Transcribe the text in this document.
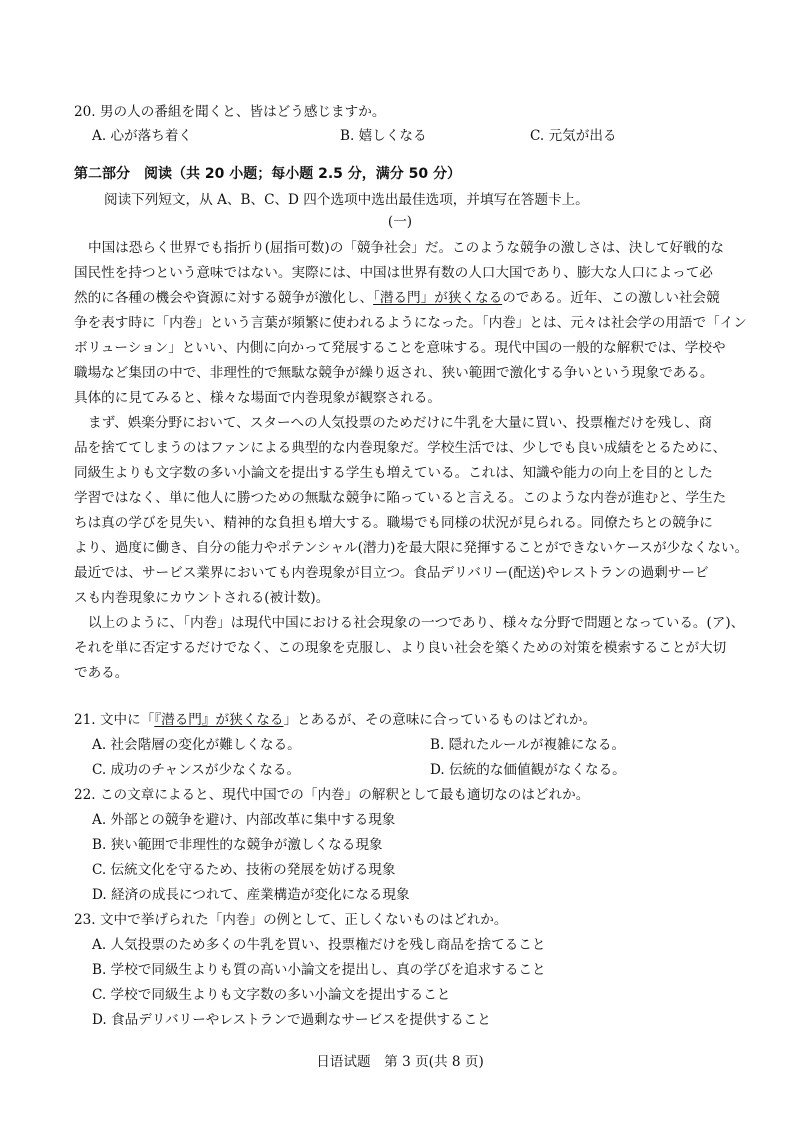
20. 男の人の番組を聞くと、皆はどう感じますか。
A. 心が落ち着く	B. 嬉しくなる	C. 元気が出る
第二部分　阅读（共 20 小题；每小题 2.5 分，满分 50 分）
阅读下列短文，从 A、B、C、D 四个选项中选出最佳选项，并填写在答题卡上。
(一)
中国は恐らく世界でも指折り(屈指可数)の「競争社会」だ。このような競争の激しさは、決して好戦的な
国民性を持つという意味ではない。実際には、中国は世界有数の人口大国であり、膨大な人口によって必
然的に各種の機会や資源に対する競争が激化し、「潜る門」が狭くなるのである。近年、この激しい社会競
争を表す時に「内巻」という言葉が頻繁に使われるようになった。「内巻」とは、元々は社会学の用語で「イン
ボリューション」といい、内側に向かって発展することを意味する。現代中国の一般的な解釈では、学校や
職場など集団の中で、非理性的で無駄な競争が繰り返され、狭い範囲で激化する争いという現象である。
具体的に見てみると、様々な場面で内巻現象が観察される。
まず、娯楽分野において、スターへの人気投票のためだけに牛乳を大量に買い、投票権だけを残し、商
品を捨ててしまうのはファンによる典型的な内巻現象だ。学校生活では、少しでも良い成績をとるために、
同級生よりも文字数の多い小論文を提出する学生も増えている。これは、知識や能力の向上を目的とした
学習ではなく、単に他人に勝つための無駄な競争に陥っていると言える。このような内巻が進むと、学生た
ちは真の学びを見失い、精神的な負担も増大する。職場でも同様の状況が見られる。同僚たちとの競争に
より、過度に働き、自分の能力やポテンシャル(潜力)を最大限に発揮することができないケースが少なくない。
最近では、サービス業界においても内巻現象が目立つ。食品デリバリー(配送)やレストランの過剰サービ
スも内巻現象にカウントされる(被计数)。
以上のように、「内巻」は現代中国における社会現象の一つであり、様々な分野で問題となっている。(ア)、
それを単に否定するだけでなく、この現象を克服し、より良い社会を築くための対策を模索することが大切
である。
21. 文中に「『潜る門』が狭くなる」とあるが、その意味に合っているものはどれか。
A. 社会階層の変化が難しくなる。	B. 隠れたルールが複雑になる。
C. 成功のチャンスが少なくなる。	D. 伝統的な価値観がなくなる。
22. この文章によると、現代中国での「内巻」の解釈として最も適切なのはどれか。
A. 外部との競争を避け、内部改革に集中する現象
B. 狭い範囲で非理性的な競争が激しくなる現象
C. 伝統文化を守るため、技術の発展を妨げる現象
D. 経済の成長につれて、産業構造が変化になる現象
23. 文中で挙げられた「内巻」の例として、正しくないものはどれか。
A. 人気投票のため多くの牛乳を買い、投票権だけを残し商品を捨てること
B. 学校で同級生よりも質の高い小論文を提出し、真の学びを追求すること
C. 学校で同級生よりも文字数の多い小論文を提出すること
D. 食品デリバリーやレストランで過剰なサービスを提供すること
日语试题　第 3 页(共 8 页)
